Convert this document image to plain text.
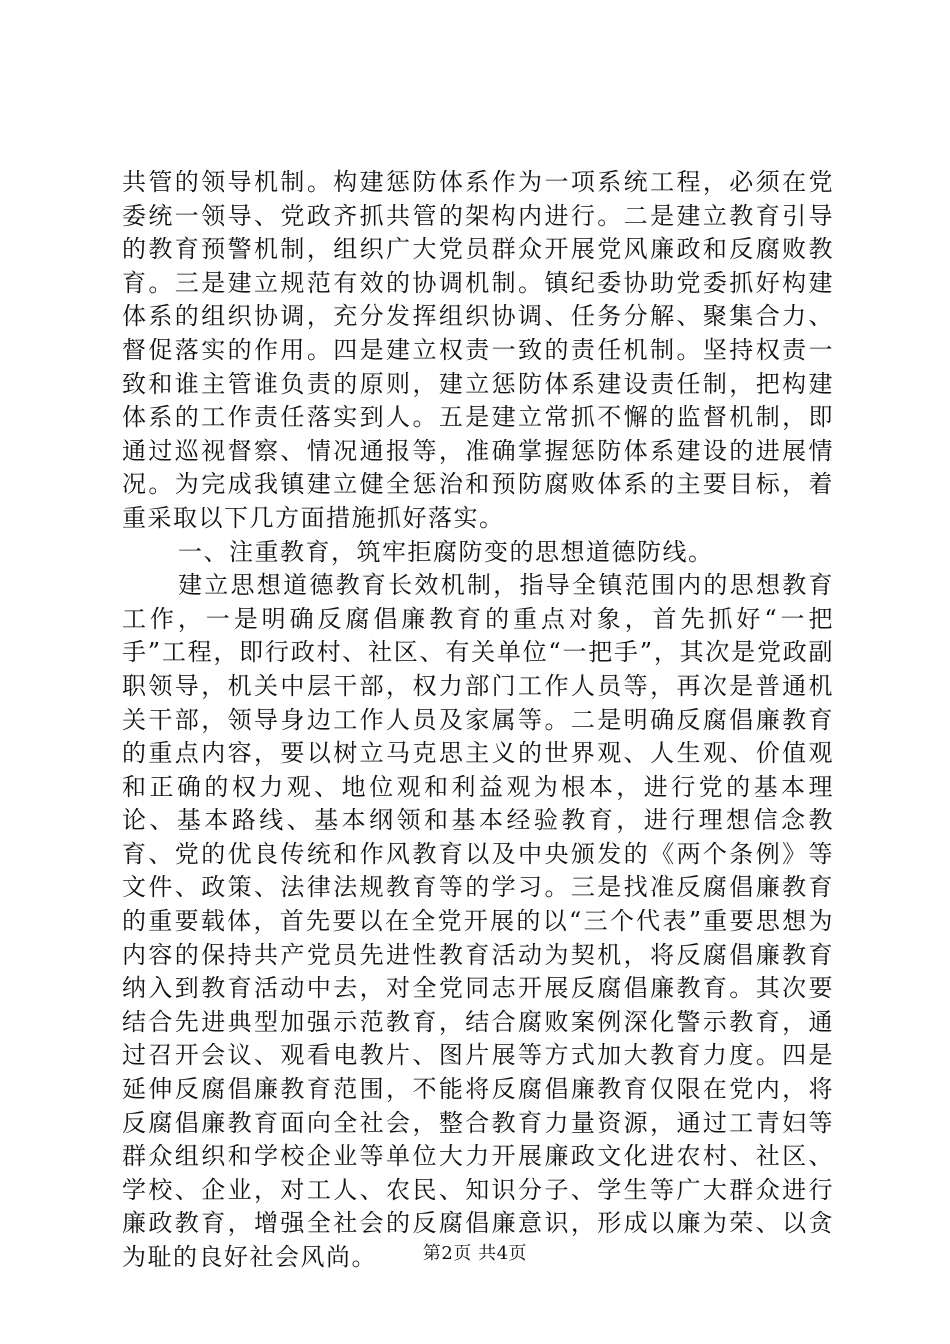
共管的领导机制。构建惩防体系作为一项系统工程，必须在党委统一领导、党政齐抓共管的架构内进行。二是建立教育引导的教育预警机制，组织广大党员群众开展党风廉政和反腐败教育。三是建立规范有效的协调机制。镇纪委协助党委抓好构建体系的组织协调，充分发挥组织协调、任务分解、聚集合力、督促落实的作用。四是建立权责一致的责任机制。坚持权责一致和谁主管谁负责的原则，建立惩防体系建设责任制，把构建体系的工作责任落实到人。五是建立常抓不懈的监督机制，即通过巡视督察、情况通报等，准确掌握惩防体系建设的进展情况。为完成我镇建立健全惩治和预防腐败体系的主要目标，着重采取以下几方面措施抓好落实。

一、注重教育，筑牢拒腐防变的思想道德防线。

建立思想道德教育长效机制，指导全镇范围内的思想教育工作，一是明确反腐倡廉教育的重点对象，首先抓好“一把手”工程，即行政村、社区、有关单位“一把手”，其次是党政副职领导，机关中层干部，权力部门工作人员等，再次是普通机关干部，领导身边工作人员及家属等。二是明确反腐倡廉教育的重点内容，要以树立马克思主义的世界观、人生观、价值观和正确的权力观、地位观和利益观为根本，进行党的基本理论、基本路线、基本纲领和基本经验教育，进行理想信念教育、党的优良传统和作风教育以及中央颁发的《两个条例》等文件、政策、法律法规教育等的学习。三是找准反腐倡廉教育的重要载体，首先要以在全党开展的以“三个代表”重要思想为内容的保持共产党员先进性教育活动为契机，将反腐倡廉教育纳入到教育活动中去，对全党同志开展反腐倡廉教育。其次要结合先进典型加强示范教育，结合腐败案例深化警示教育，通过召开会议、观看电教片、图片展等方式加大教育力度。四是延伸反腐倡廉教育范围，不能将反腐倡廉教育仅限在党内，将反腐倡廉教育面向全社会，整合教育力量资源，通过工青妇等群众组织和学校企业等单位大力开展廉政文化进农村、社区、学校、企业，对工人、农民、知识分子、学生等广大群众进行廉政教育，增强全社会的反腐倡廉意识，形成以廉为荣、以贪为耻的良好社会风尚。	第2页 共4页
